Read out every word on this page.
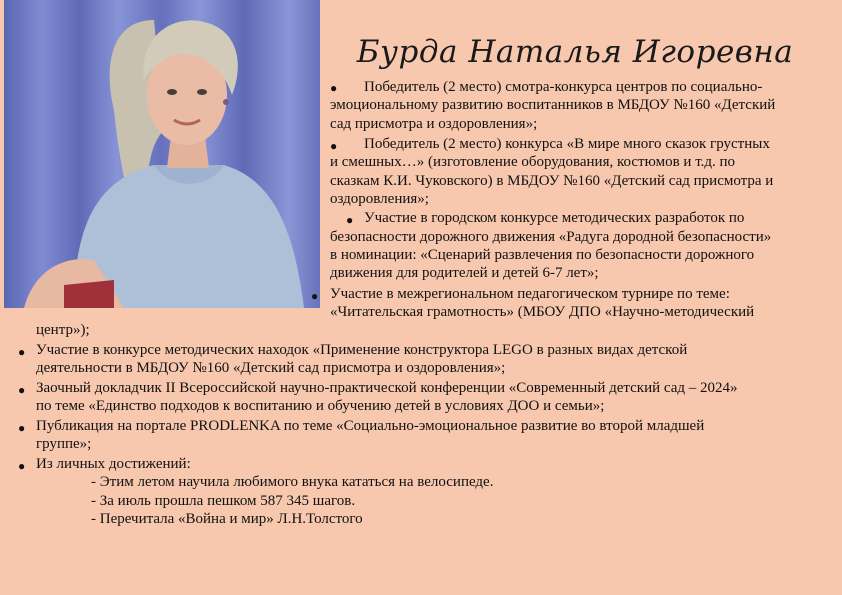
Бурда Наталья Игоревна
● Победитель (2 место) смотра-конкурса центров по социально-
эмоциональному развитию воспитанников в МБДОУ №160 «Детский
сад присмотра и оздоровления»;
● Победитель (2 место) конкурса «В мире много сказок грустных
и смешных…» (изготовление оборудования, костюмов и т.д. по
сказкам К.И. Чуковского) в МБДОУ №160 «Детский сад присмотра и
оздоровления»;
● Участие в городском конкурсе методических разработок по
безопасности дорожного движения «Радуга дородной безопасности»
в номинации: «Сценарий развлечения по безопасности дорожного
движения для родителей и детей 6-7 лет»;
● Участие в межрегиональном педагогическом турнире по теме:
«Читательская грамотность» (МБОУ ДПО «Научно-методический
центр»);
● Участие в конкурсе методических находок «Применение конструктора LEGO в разных видах детской
деятельности в МБДОУ №160 «Детский сад присмотра и оздоровления»;
● Заочный докладчик II Всероссийской научно-практической конференции «Современный детский сад – 2024»
по теме «Единство подходов к воспитанию и обучению детей в условиях ДОО и семьи»;
● Публикация на портале PRODLENKA по теме «Социально-эмоциональное развитие во второй младшей
группе»;
● Из личных достижений:
- Этим летом научила любимого внука кататься на велосипеде.
- За июль прошла пешком 587 345 шагов.
- Перечитала «Война и мир» Л.Н.Толстого
